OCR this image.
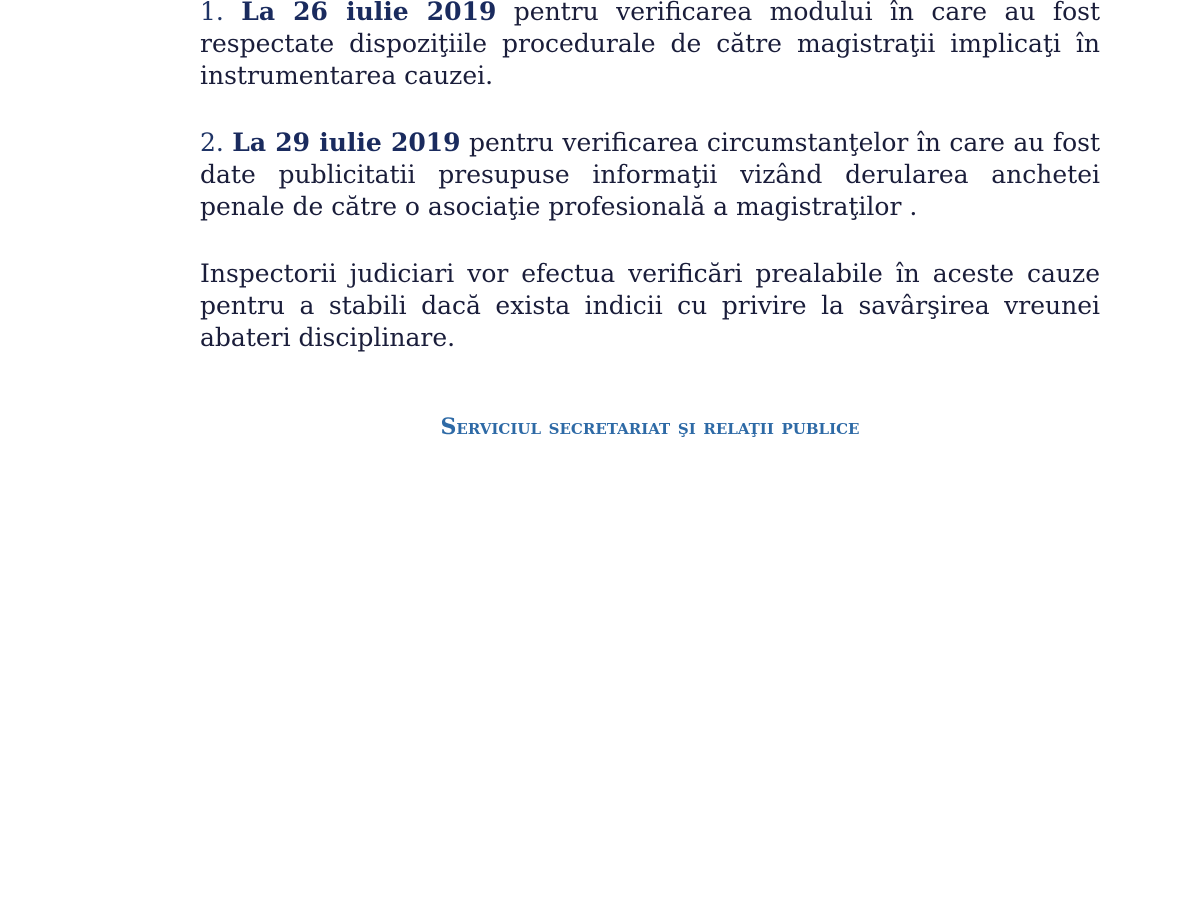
1. La 26 iulie 2019 pentru verificarea modului în care au fost respectate dispoziţiile procedurale de către magistraţii implicaţi în instrumentarea cauzei.

2. La 29 iulie 2019 pentru verificarea circumstanţelor în care au fost date publicitatii presupuse informaţii vizând derularea anchetei penale de către o asociaţie profesională a magistraţilor .

Inspectorii judiciari vor efectua verificări prealabile în aceste cauze pentru a stabili dacă exista indicii cu privire la savârşirea vreunei abateri disciplinare.

Serviciul secretariat şi relaţii publice
